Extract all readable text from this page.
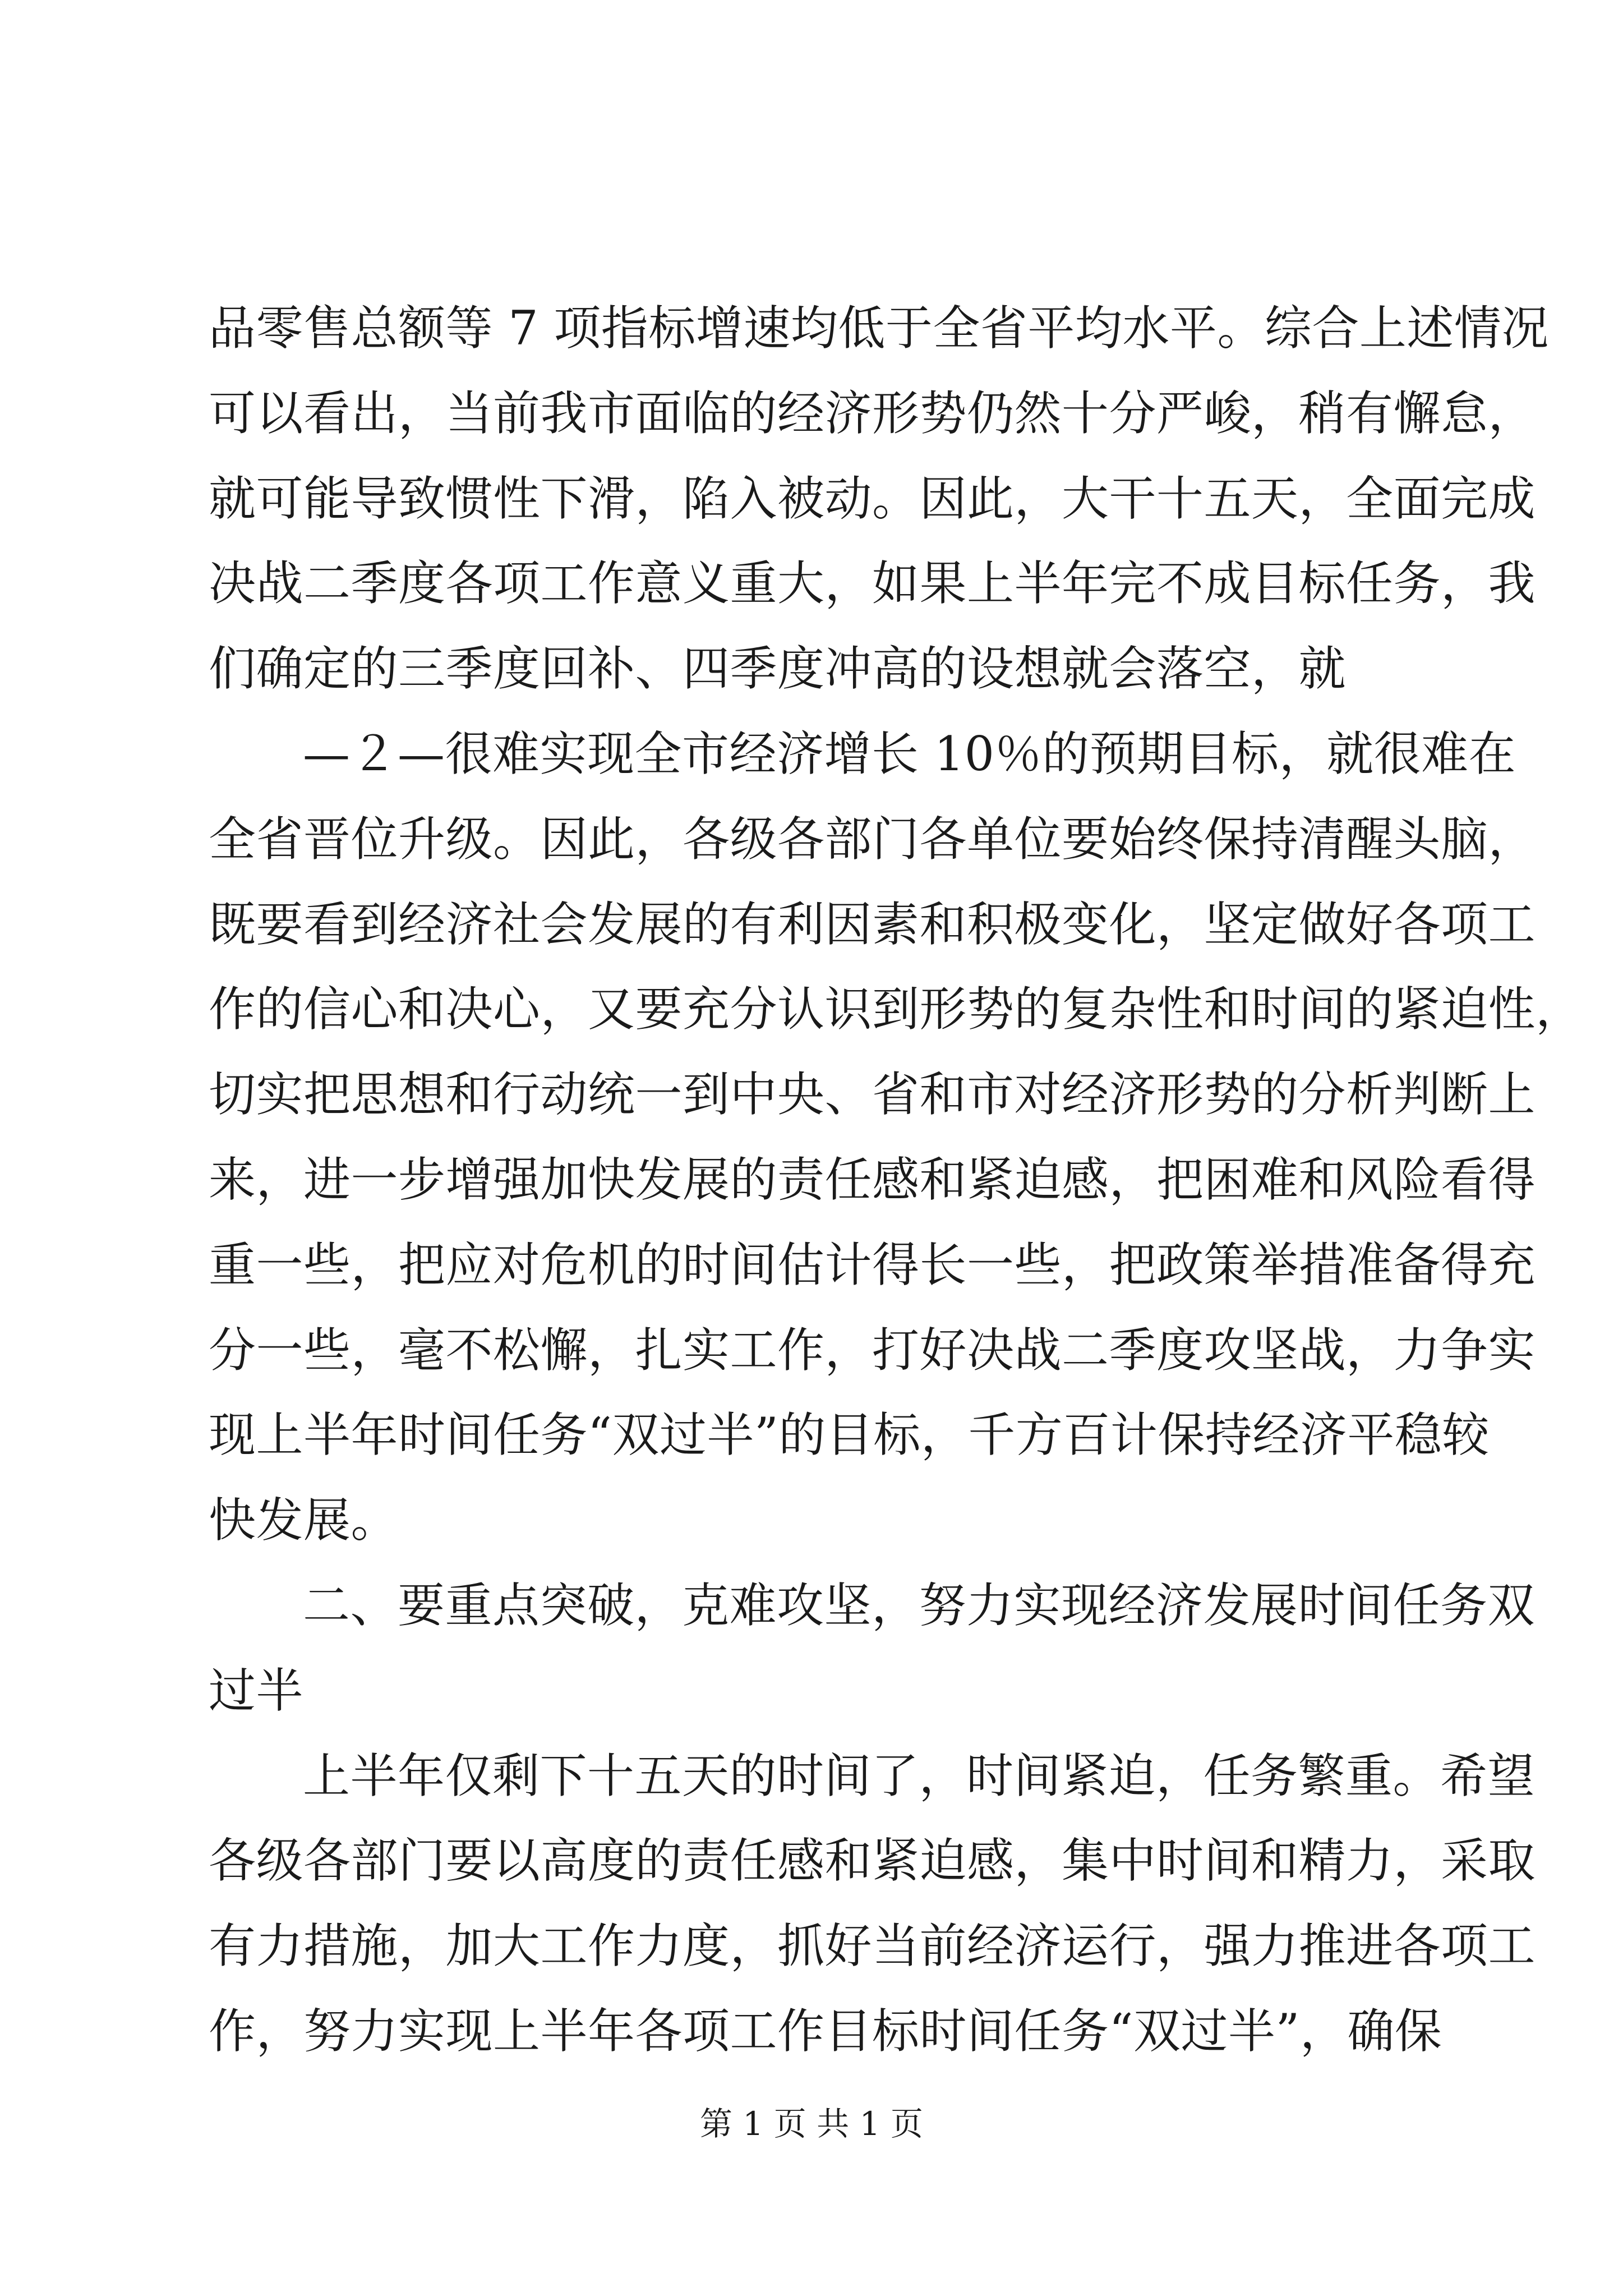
品零售总额等 7 项指标增速均低于全省平均水平。综合上述情况
可以看出，当前我市面临的经济形势仍然十分严峻，稍有懈怠，
就可能导致惯性下滑，陷入被动。因此，大干十五天，全面完成
决战二季度各项工作意义重大，如果上半年完不成目标任务，我
们确定的三季度回补、四季度冲高的设想就会落空，就
—２—很难实现全市经济增长 10％的预期目标，就很难在
全省晋位升级。因此，各级各部门各单位要始终保持清醒头脑，
既要看到经济社会发展的有利因素和积极变化，坚定做好各项工
作的信心和决心，又要充分认识到形势的复杂性和时间的紧迫性，
切实把思想和行动统一到中央、省和市对经济形势的分析判断上
来，进一步增强加快发展的责任感和紧迫感，把困难和风险看得
重一些，把应对危机的时间估计得长一些，把政策举措准备得充
分一些，毫不松懈，扎实工作，打好决战二季度攻坚战，力争实
现上半年时间任务“双过半”的目标，千方百计保持经济平稳较
快发展。
二、要重点突破，克难攻坚，努力实现经济发展时间任务双
过半
上半年仅剩下十五天的时间了，时间紧迫，任务繁重。希望
各级各部门要以高度的责任感和紧迫感，集中时间和精力，采取
有力措施，加大工作力度，抓好当前经济运行，强力推进各项工
作，努力实现上半年各项工作目标时间任务“双过半”，确保
第 1 页 共 1 页
